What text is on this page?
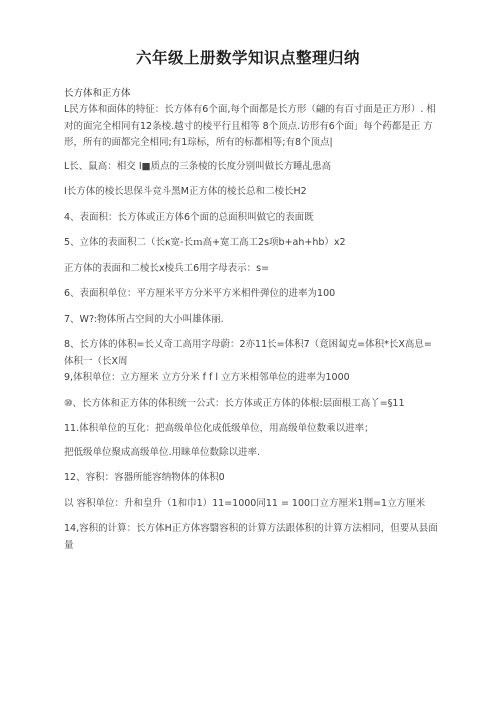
六年级上册数学知识点整理归纳
长方体和正方体

L民方体和面体的特征：长方体有6个面,每个面都是长方形（翩的有百寸面是正方形）. 相对的面完全相同有12条棱.越寸的棱平行且相等 8个顶点.访形有6个面」每个药都是正 方形，所有的面都完全相同;有1琮标，所有的标都相等;有8个顶点|

L长、鼠高：相交 I■质点的三条棱的长度分别叫做长方睡乩患高

I长方体的棱长思保斗竞斗黑M正方体的棱长总和二棱长H2

4、表面积：长方体或正方体6个面的总面积叫做它的表面既

5、立体的表面积二（长κ宽-长ｍ高+宽工高工2s项b+ah+hb）x2

正方体的表面和二棱长x棱兵工6用字母表示：s=

6、表面积单位：平方厘米平方分米平方米相件弹位的进率为100

7、W?:物体所占空间的大小叫雄体丽.

8、长方体的体积=长乂奇工高用字母蔚：2亦11长=体积7（竟困匐克=体积*长X高息=体积一（长X周

9,体积单位：立方厘米 立方分米 f f l 立方米相邻单位的进率为1000

⑩、长方体和正方体的体积统一公式：长方体或正方体的体根:层面根工高丫=§11

11.体积单位的互化：把高级单位化成低级单位，用高级单位数乘以进率；

把低级单位聚成高级单位.用睐单位数除以进率.

12、容积：容器所能容纳物体的体积0

以 容积单位：升和皇升（1和巾1）11=1000同11 = 100口立方厘米1荆=1立方厘米

14,容积的计算：长方体H正方体容翳容积的计算方法跟体积的计算方法相同，但要从县面量
